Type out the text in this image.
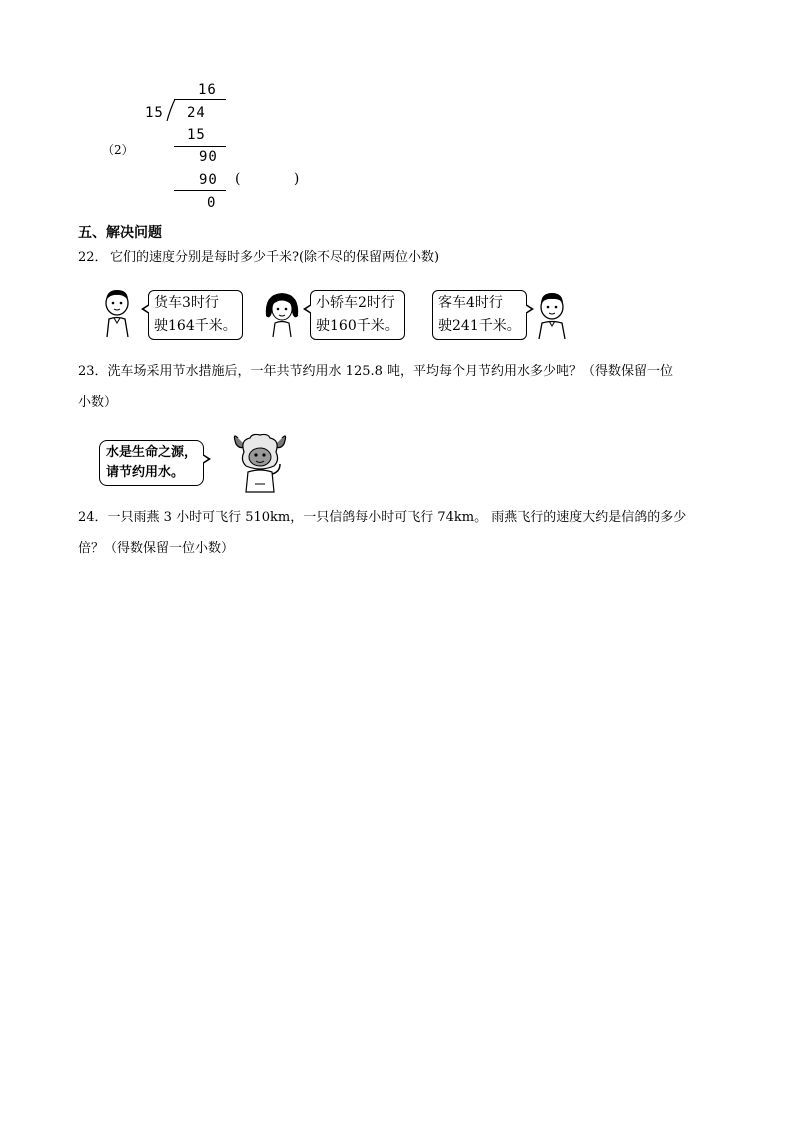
16
15 24
15
（2）	90
90 (            )
0
五、解决问题
22． 它们的速度分别是每时多少千米?(除不尽的保留两位小数)
货车3时行
驶164千米。
小轿车2时行
驶160千米。
客车4时行
驶241千米。
23．洗车场采用节水措施后，一年共节约用水 125.8 吨，平均每个月节约用水多少吨？（得数保留一位
小数）
水是生命之源，
请节约用水。
24．一只雨燕 3 小时可飞行 510km，一只信鸽每小时可飞行 74km。 雨燕飞行的速度大约是信鸽的多少
倍？（得数保留一位小数）
